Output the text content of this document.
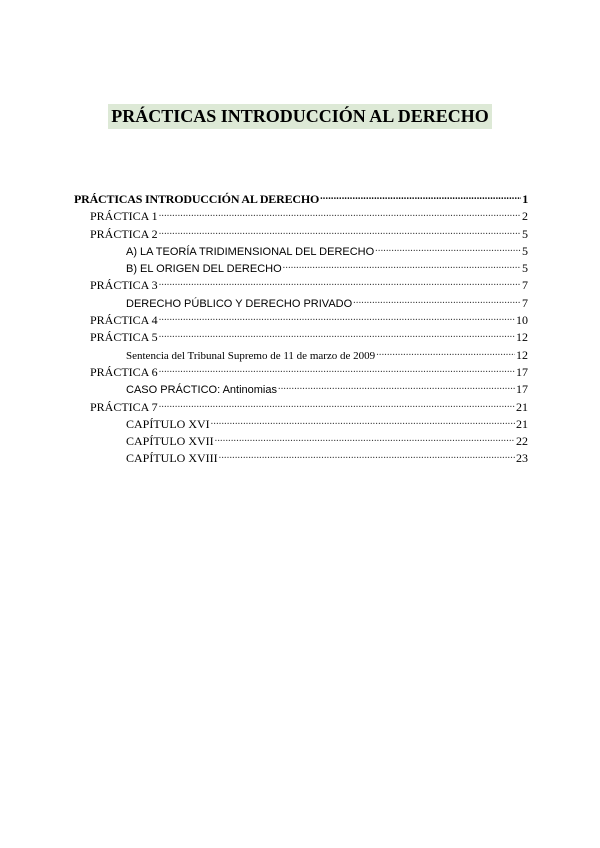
PRÁCTICAS INTRODUCCIÓN AL DERECHO
PRÁCTICAS INTRODUCCIÓN AL DERECHO .....	1
PRÁCTICA 1 .....	2
PRÁCTICA 2 .....	5
A) LA TEORÍA TRIDIMENSIONAL DEL DERECHO .....	5
B) EL ORIGEN DEL DERECHO .....	5
PRÁCTICA 3 .....	7
DERECHO PÚBLICO Y DERECHO PRIVADO .....	7
PRÁCTICA 4 .....	10
PRÁCTICA 5 .....	12
Sentencia del Tribunal Supremo de 11 de marzo de 2009 .....	12
PRÁCTICA 6 .....	17
CASO PRÁCTICO: Antinomias .....	17
PRÁCTICA 7 .....	21
CAPÍTULO XVI .....	21
CAPÍTULO XVII .....	22
CAPÍTULO XVIII .....	23
